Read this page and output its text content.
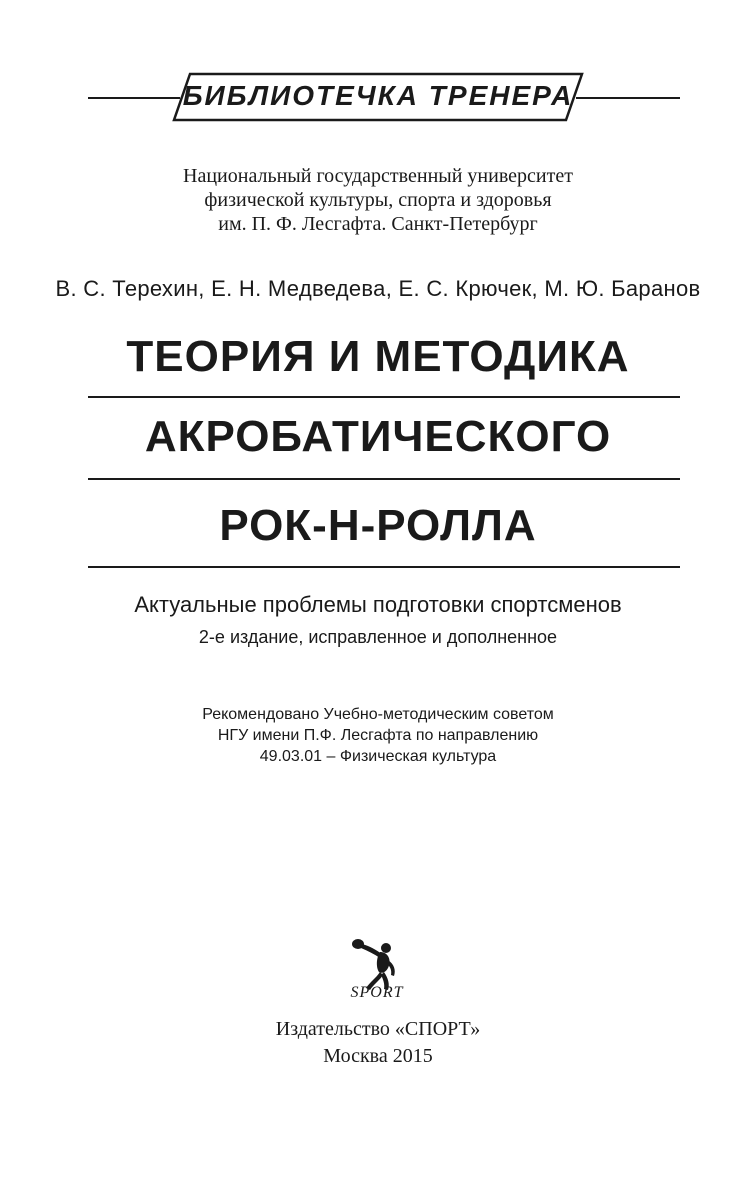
БИБЛИОТЕЧКА ТРЕНЕРА
Национальный государственный университет
физической культуры, спорта и здоровья
им. П. Ф. Лесгафта. Санкт-Петербург
В. С. Терехин, Е. Н. Медведева, Е. С. Крючек, М. Ю. Баранов
ТЕОРИЯ И МЕТОДИКА
АКРОБАТИЧЕСКОГО
РОК-Н-РОЛЛА
Актуальные проблемы подготовки спортсменов
2-е издание, исправленное и дополненное
Рекомендовано Учебно-методическим советом
НГУ имени П.Ф. Лесгафта по направлению
49.03.01 – Физическая культура
SPORT
Издательство «СПОРТ»
Москва 2015
